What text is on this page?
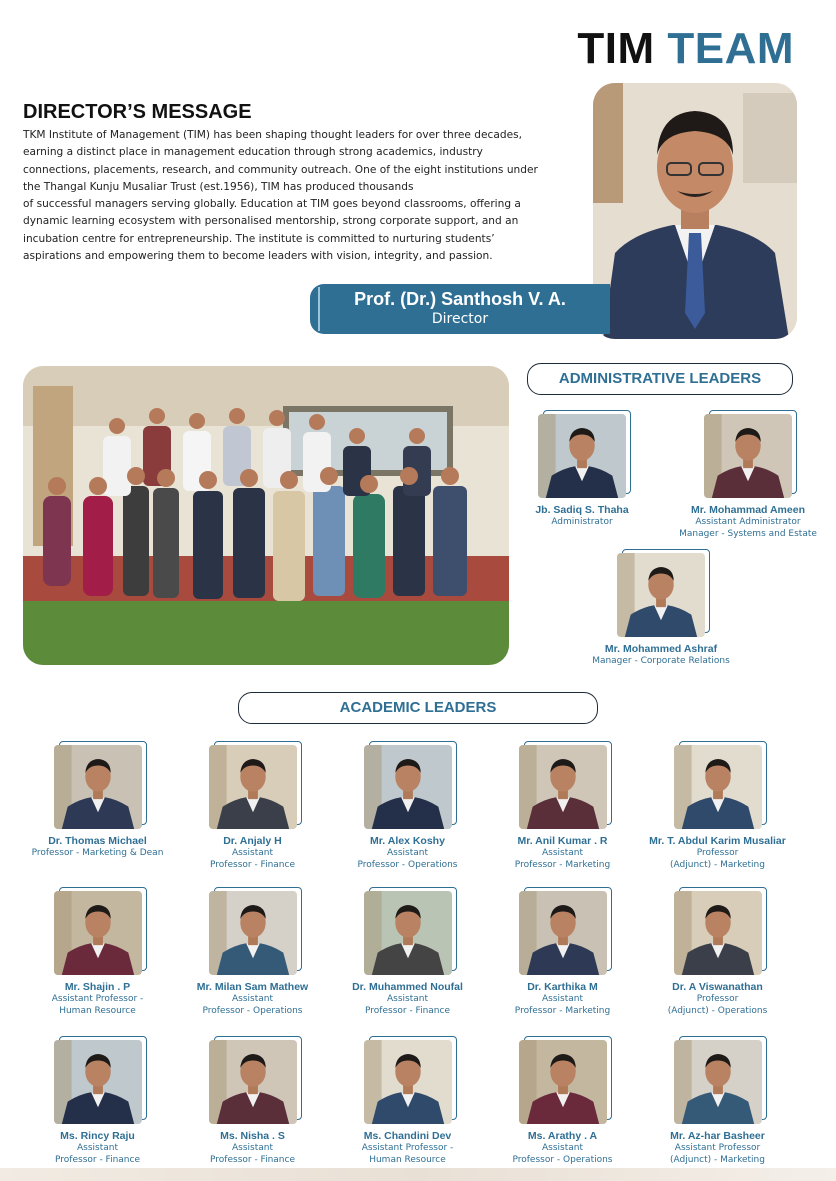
TIM TEAM
DIRECTOR’S MESSAGE
TKM Institute of Management (TIM) has been shaping thought leaders for over three decades,
earning a distinct place in management education through strong academics, industry
connections, placements, research, and community outreach. One of the eight institutions under
the Thangal Kunju Musaliar Trust (est.1956), TIM has produced thousands
of successful managers serving globally. Education at TIM goes beyond classrooms, offering a
dynamic learning ecosystem with personalised mentorship, strong corporate support, and an
incubation centre for entrepreneurship. The institute is committed to nurturing students’
aspirations and empowering them to become leaders with vision, integrity, and passion.
Prof. (Dr.) Santhosh V. A.
Director
ADMINISTRATIVE LEADERS
ACADEMIC LEADERS
Jb. Sadiq S. Thaha
Administrator
Mr. Mohammad Ameen
Assistant Administrator
Manager - Systems and Estate
Mr. Mohammed Ashraf
Manager - Corporate Relations
Dr. Thomas Michael
Professor - Marketing & Dean
Dr. Anjaly H
Assistant
Professor - Finance
Mr. Alex Koshy
Assistant
Professor - Operations
Mr. Anil Kumar . R
Assistant
Professor - Marketing
Mr. T. Abdul Karim Musaliar
Professor
(Adjunct) - Marketing
Mr. Shajin . P
Assistant Professor -
Human Resource
Mr. Milan Sam Mathew
Assistant
Professor - Operations
Dr. Muhammed Noufal
Assistant
Professor - Finance
Dr. Karthika M
Assistant
Professor - Marketing
Dr. A Viswanathan
Professor
(Adjunct) - Operations
Ms. Rincy Raju
Assistant
Professor - Finance
Ms. Nisha . S
Assistant
Professor - Finance
Ms. Chandini Dev
Assistant Professor -
Human Resource
Ms. Arathy . A
Assistant
Professor - Operations
Mr. Az-har Basheer
Assistant Professor
(Adjunct) - Marketing
